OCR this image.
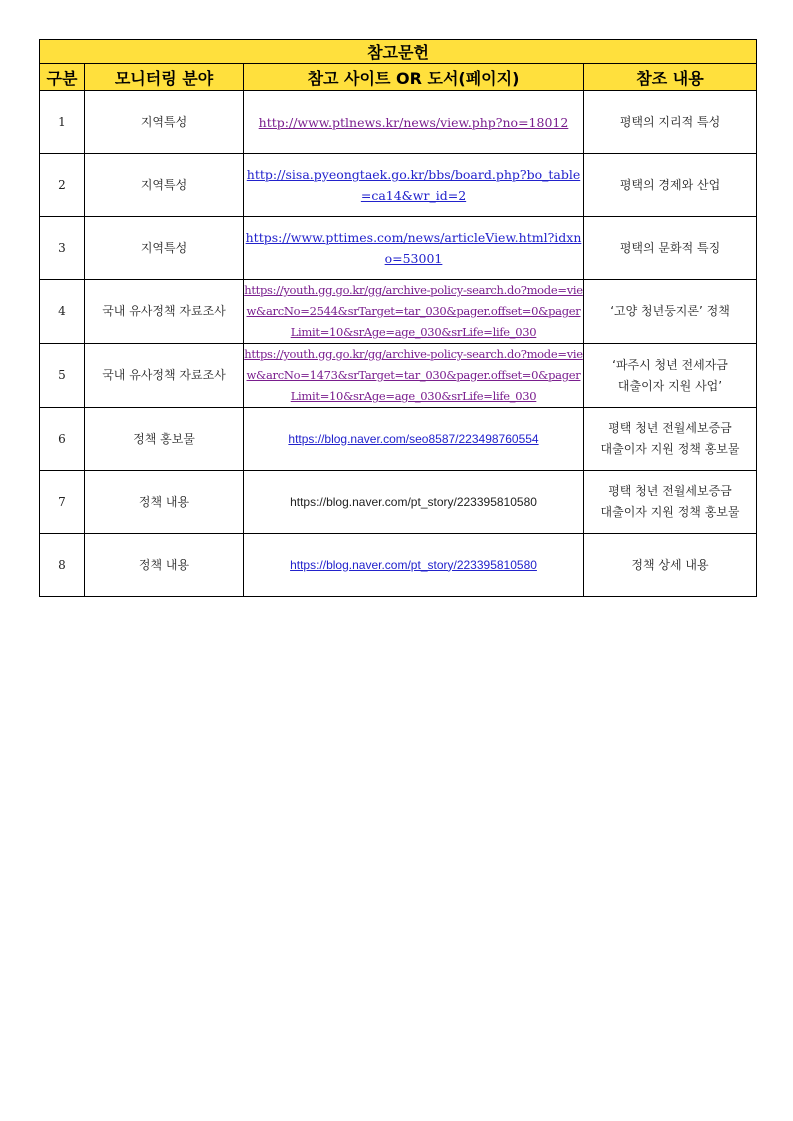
참고문헌			
구분	모니터링 분야	참고 사이트 OR 도서(페이지)	참조 내용
1	지역특성	http://www.ptlnews.kr/news/view.php?no=18012	평택의 지리적 특성
2	지역특성	http://sisa.pyeongtaek.go.kr/bbs/board.php?bo_table=ca14&wr_id=2	평택의 경제와 산업
3	지역특성	https://www.pttimes.com/news/articleView.html?idxno=53001	평택의 문화적 특징
4	국내 유사정책 자료조사	https://youth.gg.go.kr/gg/archive-policy-search.do?mode=view&arcNo=2544&srTarget=tar_030&pager.offset=0&pagerLimit=10&srAge=age_030&srLife=life_030	‘고양 청년둥지론’ 정책
5	국내 유사정책 자료조사	https://youth.gg.go.kr/gg/archive-policy-search.do?mode=view&arcNo=1473&srTarget=tar_030&pager.offset=0&pagerLimit=10&srAge=age_030&srLife=life_030	‘파주시 청년 전세자금
대출이자 지원 사업’

6	정책 홍보물	https://blog.naver.com/seo8587/223498760554	평택 청년 전월세보증금
대출이자 지원 정책 홍보물

7	정책 내용	https://blog.naver.com/pt_story/223395810580	평택 청년 전월세보증금
대출이자 지원 정책 홍보물

8	정책 내용	https://blog.naver.com/pt_story/223395810580	정책 상세 내용
